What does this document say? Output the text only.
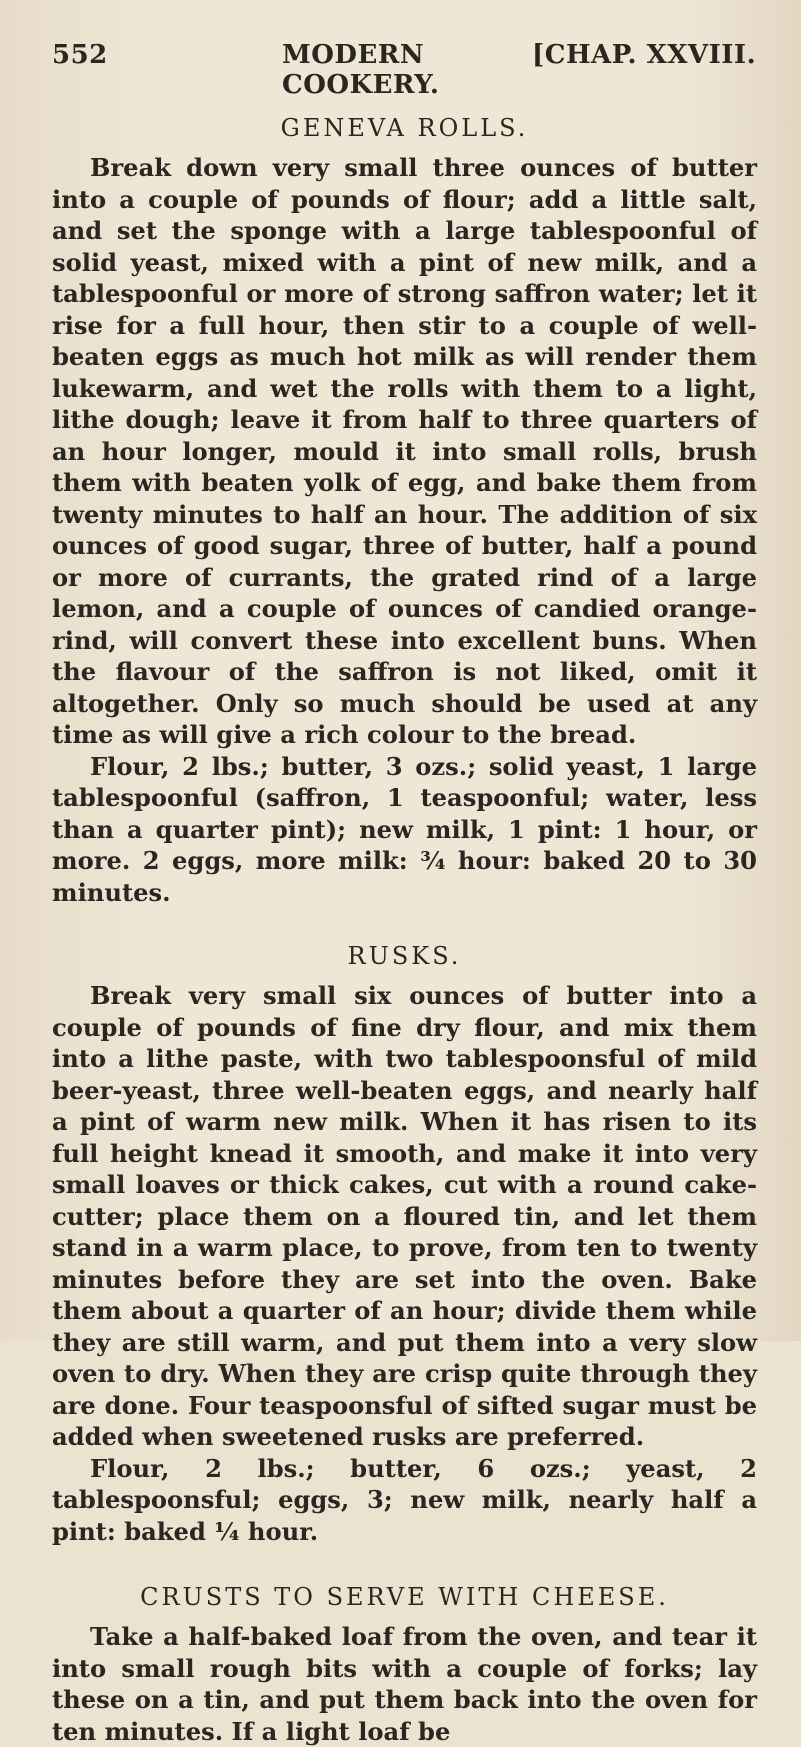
552	MODERN COOKERY.
[CHAP. XXVIII.
GENEVA ROLLS.

Break down very small three ounces of butter into a couple of pounds of flour; add a little salt, and set the sponge with a large tablespoonful of solid yeast, mixed with a pint of new milk, and a tablespoonful or more of strong saffron water; let it rise for a full hour, then stir to a couple of well-beaten eggs as much hot milk as will render them lukewarm, and wet the rolls with them to a light, lithe dough; leave it from half to three quarters of an hour longer, mould it into small rolls, brush them with beaten yolk of egg, and bake them from twenty minutes to half an hour. The addition of six ounces of good sugar, three of butter, half a pound or more of currants, the grated rind of a large lemon, and a couple of ounces of candied orange-rind, will convert these into excellent buns. When the flavour of the saffron is not liked, omit it altogether. Only so much should be used at any time as will give a rich colour to the bread.

Flour, 2 lbs.; butter, 3 ozs.; solid yeast, 1 large tablespoonful (saffron, 1 teaspoonful; water, less than a quarter pint); new milk, 1 pint: 1 hour, or more. 2 eggs, more milk: ¾ hour: baked 20 to 30 minutes.

RUSKS.

Break very small six ounces of butter into a couple of pounds of fine dry flour, and mix them into a lithe paste, with two tablespoonsful of mild beer-yeast, three well-beaten eggs, and nearly half a pint of warm new milk. When it has risen to its full height knead it smooth, and make it into very small loaves or thick cakes, cut with a round cake-cutter; place them on a floured tin, and let them stand in a warm place, to prove, from ten to twenty minutes before they are set into the oven. Bake them about a quarter of an hour; divide them while they are still warm, and put them into a very slow oven to dry. When they are crisp quite through they are done. Four teaspoonsful of sifted sugar must be added when sweetened rusks are preferred.

Flour, 2 lbs.; butter, 6 ozs.; yeast, 2 tablespoonsful; eggs, 3; new milk, nearly half a pint: baked ¼ hour.

CRUSTS TO SERVE WITH CHEESE.

Take a half-baked loaf from the oven, and tear it into small rough bits with a couple of forks; lay these on a tin, and put them back into the oven for ten minutes. If a light loaf be
